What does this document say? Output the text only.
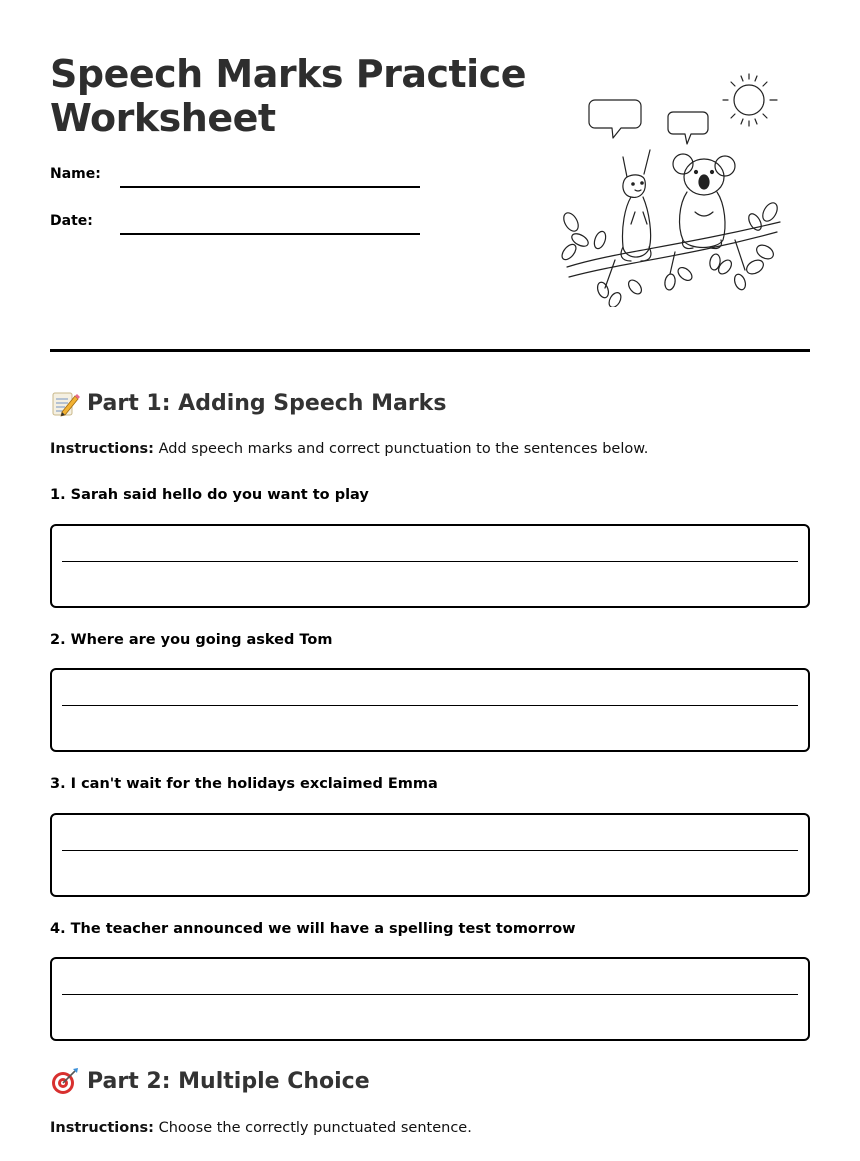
Speech Marks Practice
Worksheet
Name:
Date:
Part 1: Adding Speech Marks

Instructions: Add speech marks and correct punctuation to the sentences below.

1. Sarah said hello do you want to play

2. Where are you going asked Tom

3. I can't wait for the holidays exclaimed Emma

4. The teacher announced we will have a spelling test tomorrow

Part 2: Multiple Choice

Instructions: Choose the correctly punctuated sentence.
